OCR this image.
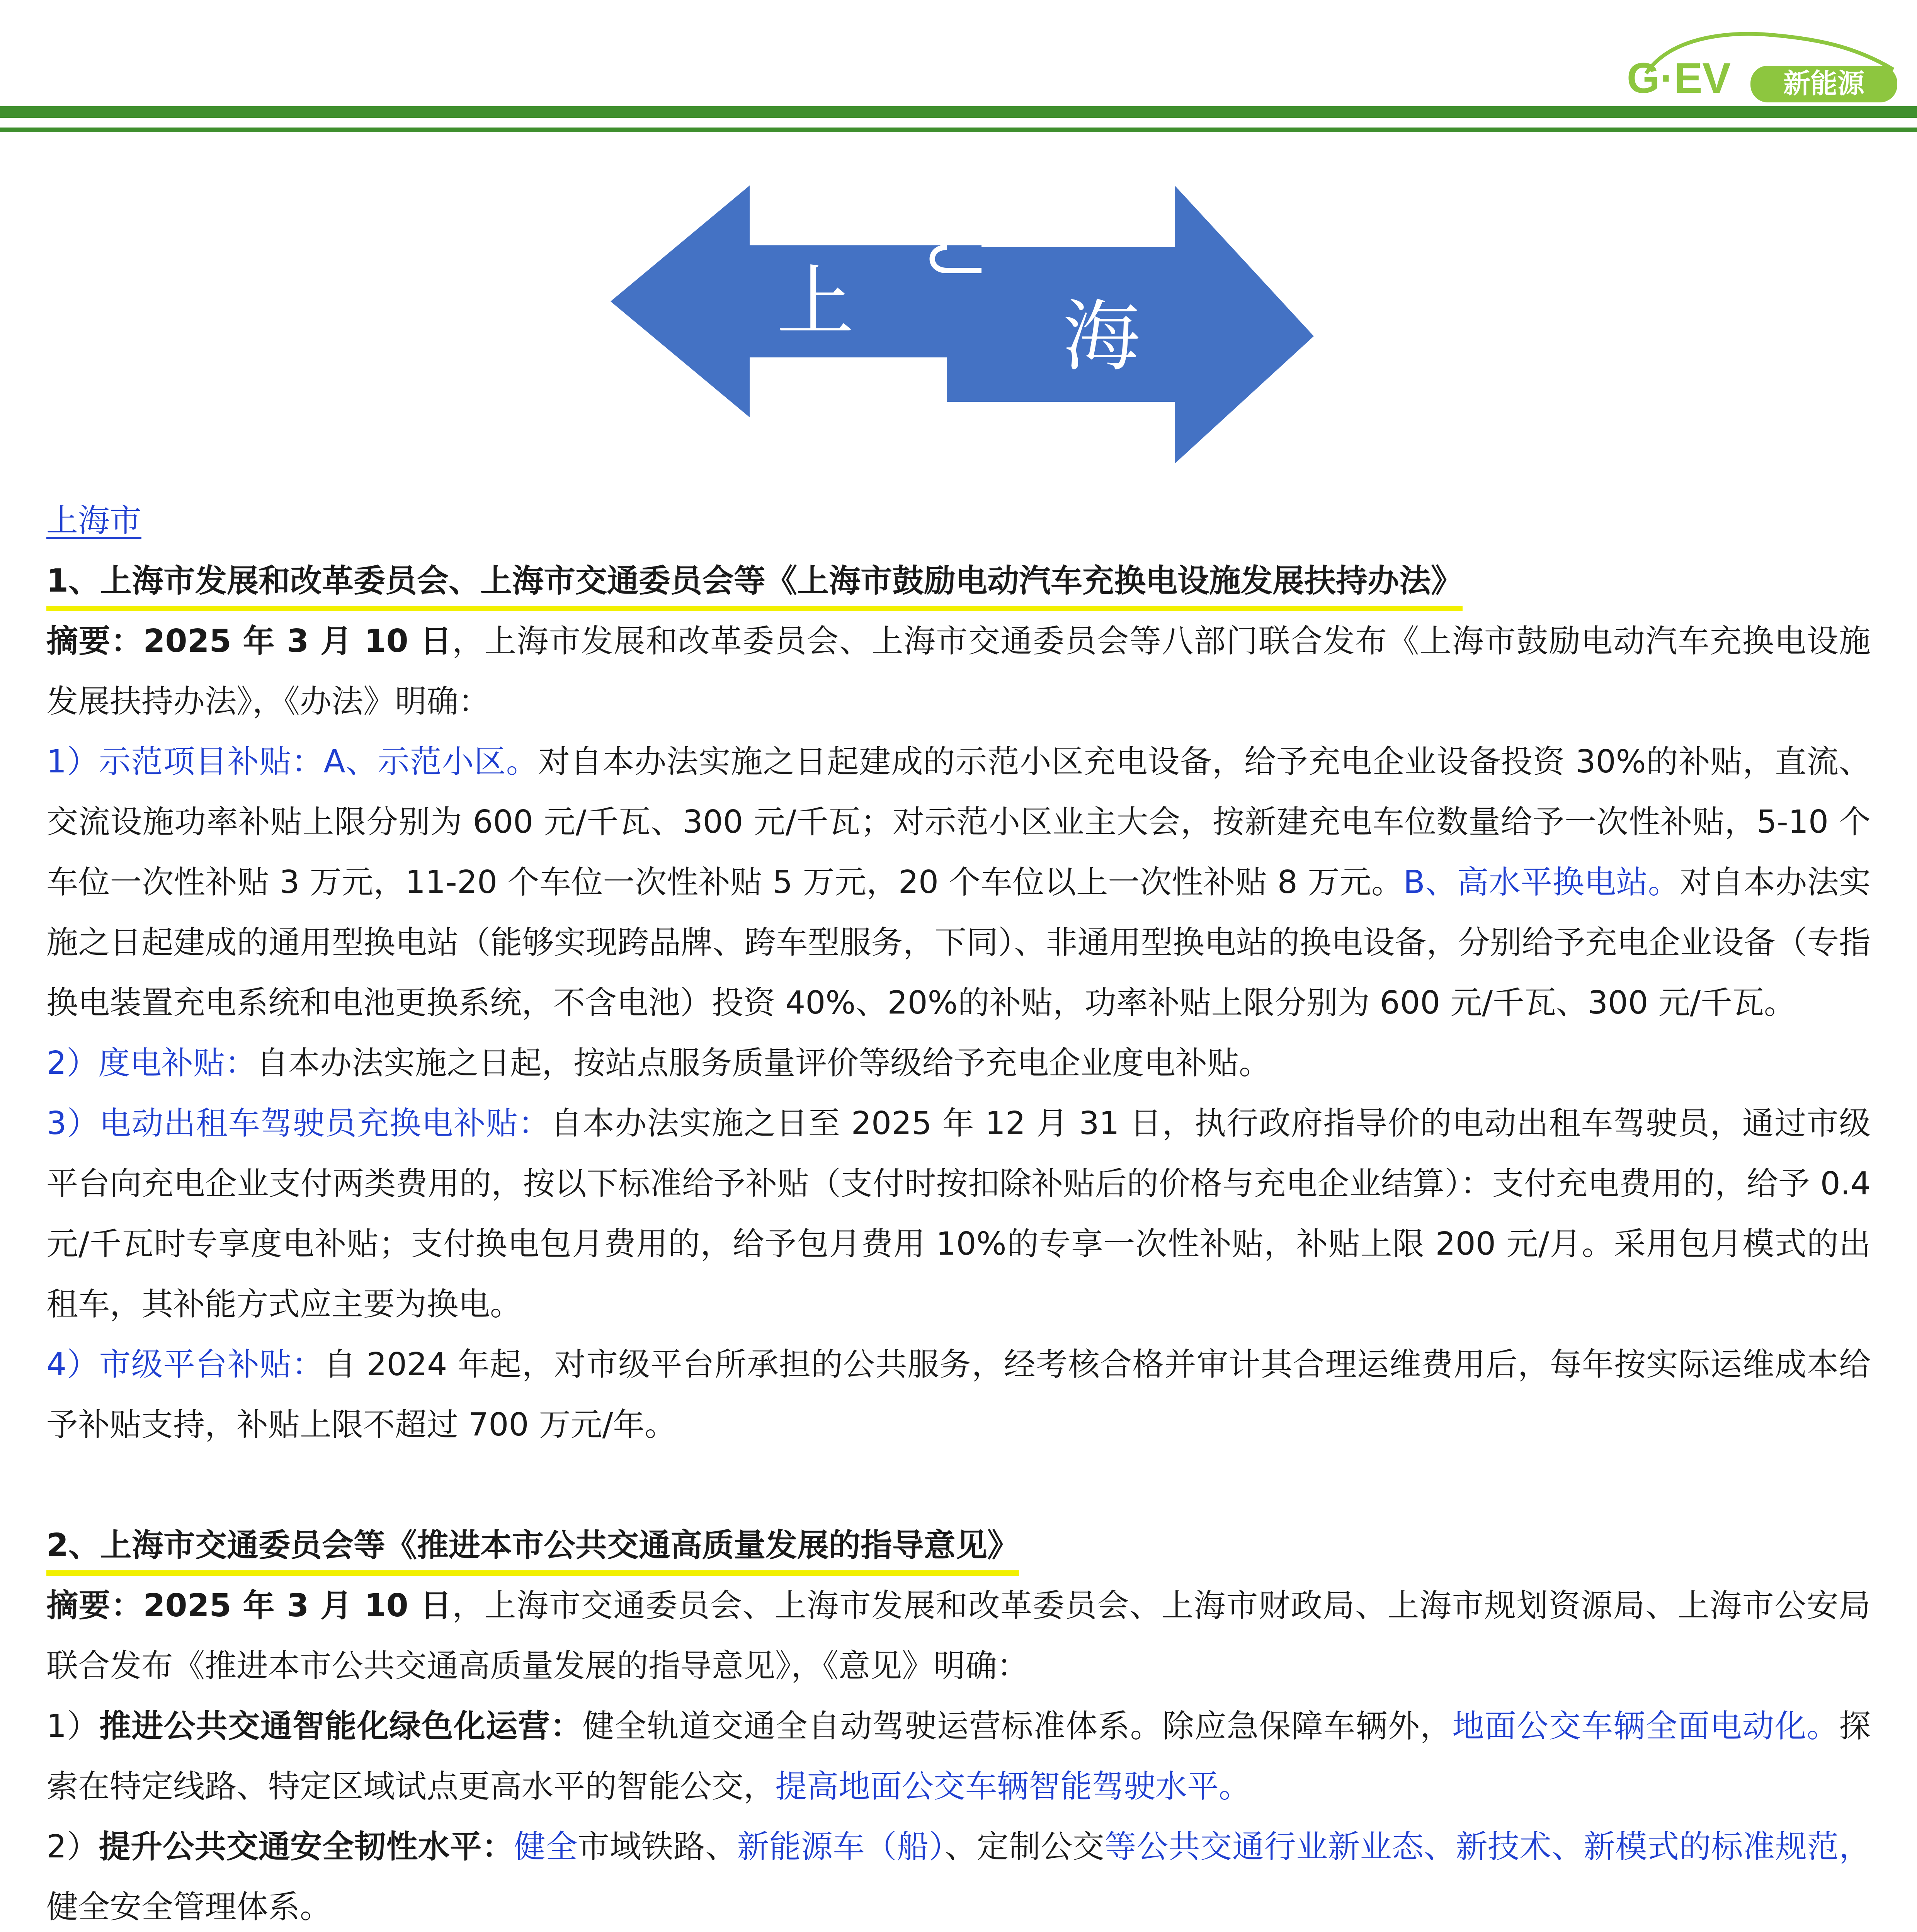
G·EV 新能源
上	海

上海市

1、上海市发展和改革委员会、上海市交通委员会等《上海市鼓励电动汽车充换电设施发展扶持办法》

摘要：2025 年 3 月 10 日，上海市发展和改革委员会、上海市交通委员会等八部门联合发布《上海市鼓励电动汽车充换电设施发展扶持办法》，《办法》明确：

1）示范项目补贴：A、示范小区。对自本办法实施之日起建成的示范小区充电设备，给予充电企业设备投资 30%的补贴，直流、交流设施功率补贴上限分别为 600 元/千瓦、300 元/千瓦；对示范小区业主大会，按新建充电车位数量给予一次性补贴，5-10 个车位一次性补贴 3 万元，11-20 个车位一次性补贴 5 万元，20 个车位以上一次性补贴 8 万元。B、高水平换电站。对自本办法实施之日起建成的通用型换电站（能够实现跨品牌、跨车型服务，下同）、非通用型换电站的换电设备，分别给予充电企业设备（专指换电装置充电系统和电池更换系统，不含电池）投资 40%、20%的补贴，功率补贴上限分别为 600 元/千瓦、300 元/千瓦。

2）度电补贴：自本办法实施之日起，按站点服务质量评价等级给予充电企业度电补贴。

3）电动出租车驾驶员充换电补贴：自本办法实施之日至 2025 年 12 月 31 日，执行政府指导价的电动出租车驾驶员，通过市级平台向充电企业支付两类费用的，按以下标准给予补贴（支付时按扣除补贴后的价格与充电企业结算）：支付充电费用的，给予 0.4 元/千瓦时专享度电补贴；支付换电包月费用的，给予包月费用 10%的专享一次性补贴，补贴上限 200 元/月。采用包月模式的出租车，其补能方式应主要为换电。

4）市级平台补贴：自 2024 年起，对市级平台所承担的公共服务，经考核合格并审计其合理运维费用后，每年按实际运维成本给予补贴支持，补贴上限不超过 700 万元/年。

2、上海市交通委员会等《推进本市公共交通高质量发展的指导意见》

摘要：2025 年 3 月 10 日，上海市交通委员会、上海市发展和改革委员会、上海市财政局、上海市规划资源局、上海市公安局联合发布《推进本市公共交通高质量发展的指导意见》，《意见》明确：

1）推进公共交通智能化绿色化运营：健全轨道交通全自动驾驶运营标准体系。除应急保障车辆外，地面公交车辆全面电动化。探索在特定线路、特定区域试点更高水平的智能公交，提高地面公交车辆智能驾驶水平。

2）提升公共交通安全韧性水平：健全市域铁路、新能源车（船）、定制公交等公共交通行业新业态、新技术、新模式的标准规范，健全安全管理体系。
